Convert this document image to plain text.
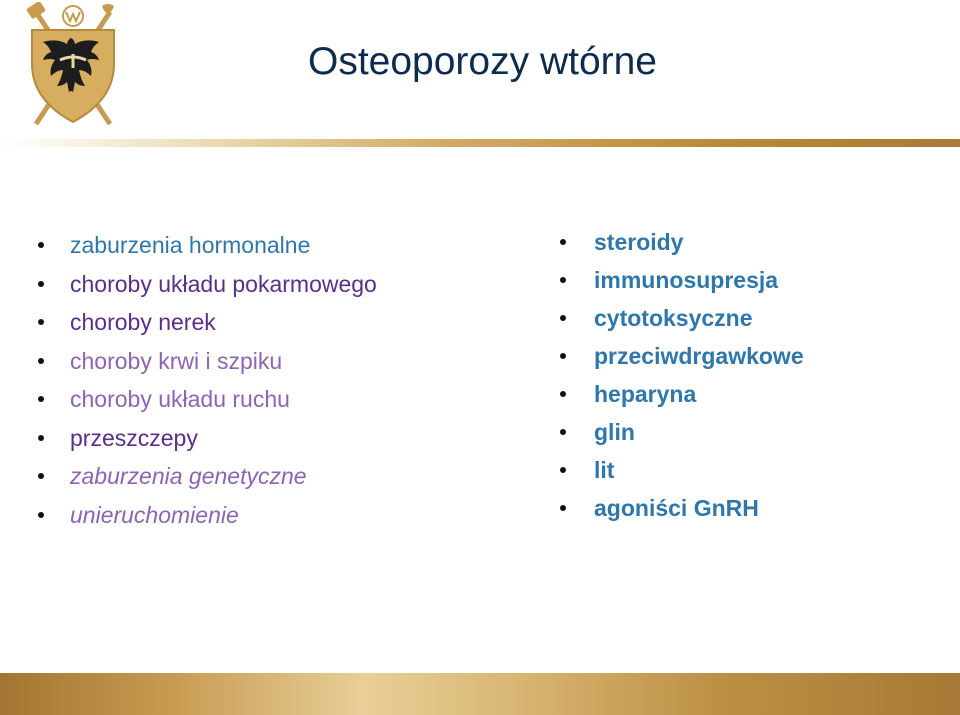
Osteoporozy wtórne
zaburzenia hormonalne
choroby układu pokarmowego
choroby nerek
choroby krwi i szpiku
choroby układu ruchu
przeszczepy
zaburzenia genetyczne
unieruchomienie
steroidy
immunosupresja
cytotoksyczne
przeciwdrgawkowe
heparyna
glin
lit
agoniści GnRH
